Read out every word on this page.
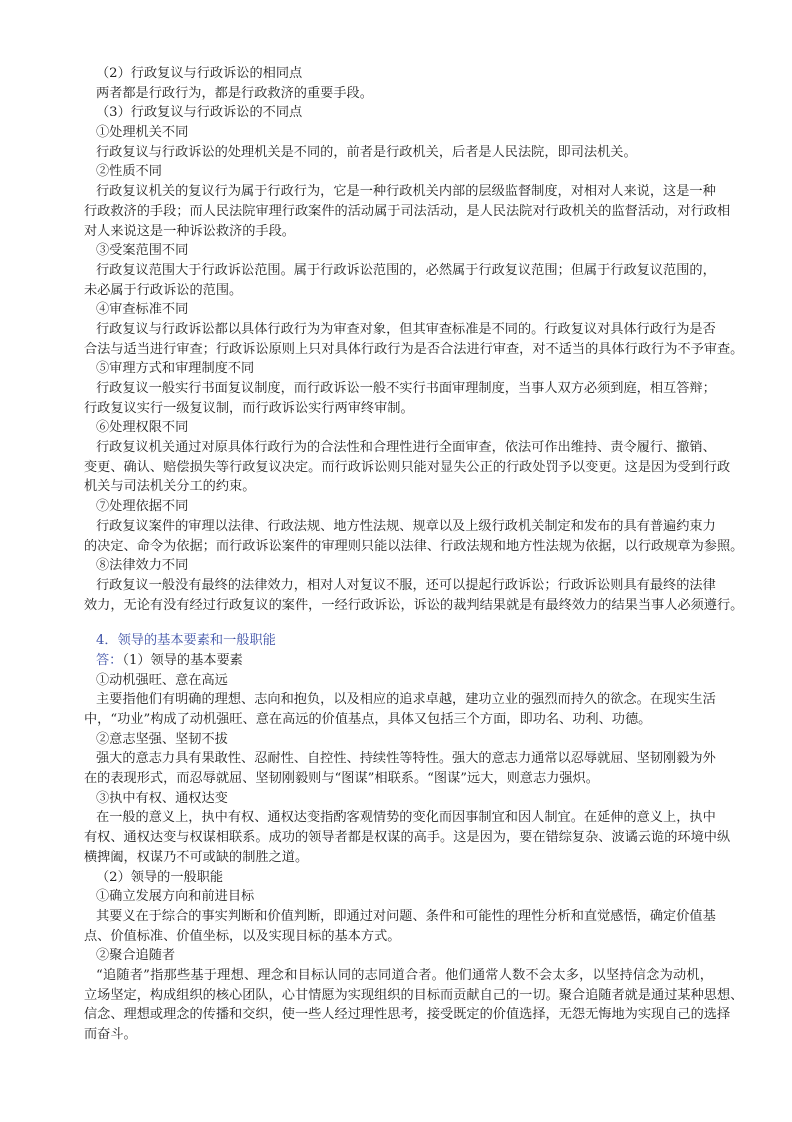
（2）行政复议与行政诉讼的相同点
两者都是行政行为，都是行政救济的重要手段。
（3）行政复议与行政诉讼的不同点
①处理机关不同
行政复议与行政诉讼的处理机关是不同的，前者是行政机关，后者是人民法院，即司法机关。
②性质不同
行政复议机关的复议行为属于行政行为，它是一种行政机关内部的层级监督制度，对相对人来说，这是一种
行政救济的手段；而人民法院审理行政案件的活动属于司法活动，是人民法院对行政机关的监督活动，对行政相
对人来说这是一种诉讼救济的手段。
③受案范围不同
行政复议范围大于行政诉讼范围。属于行政诉讼范围的，必然属于行政复议范围；但属于行政复议范围的，
未必属于行政诉讼的范围。
④审查标准不同
行政复议与行政诉讼都以具体行政行为为审查对象，但其审查标准是不同的。行政复议对具体行政行为是否
合法与适当进行审查；行政诉讼原则上只对具体行政行为是否合法进行审查，对不适当的具体行政行为不予审查。
⑤审理方式和审理制度不同
行政复议一般实行书面复议制度，而行政诉讼一般不实行书面审理制度，当事人双方必须到庭，相互答辩；
行政复议实行一级复议制，而行政诉讼实行两审终审制。
⑥处理权限不同
行政复议机关通过对原具体行政行为的合法性和合理性进行全面审查，依法可作出维持、责令履行、撤销、
变更、确认、赔偿损失等行政复议决定。而行政诉讼则只能对显失公正的行政处罚予以变更。这是因为受到行政
机关与司法机关分工的约束。
⑦处理依据不同
行政复议案件的审理以法律、行政法规、地方性法规、规章以及上级行政机关制定和发布的具有普遍约束力
的决定、命令为依据；而行政诉讼案件的审理则只能以法律、行政法规和地方性法规为依据，以行政规章为参照。
⑧法律效力不同
行政复议一般没有最终的法律效力，相对人对复议不服，还可以提起行政诉讼；行政诉讼则具有最终的法律
效力，无论有没有经过行政复议的案件，一经行政诉讼，诉讼的裁判结果就是有最终效力的结果当事人必须遵行。
4．领导的基本要素和一般职能
答：（1）领导的基本要素
①动机强旺、意在高远
主要指他们有明确的理想、志向和抱负，以及相应的追求卓越，建功立业的强烈而持久的欲念。在现实生活
中，“功业”构成了动机强旺、意在高远的价值基点，具体又包括三个方面，即功名、功利、功德。
②意志坚强、坚韧不拔
强大的意志力具有果敢性、忍耐性、自控性、持续性等特性。强大的意志力通常以忍辱就屈、坚韧刚毅为外
在的表现形式，而忍辱就屈、坚韧刚毅则与“图谋”相联系。“图谋”远大，则意志力强炽。
③执中有权、通权达变
在一般的意义上，执中有权、通权达变指酌客观情势的变化而因事制宜和因人制宜。在延伸的意义上，执中
有权、通权达变与权谋相联系。成功的领导者都是权谋的高手。这是因为，要在错综复杂、波谲云诡的环境中纵
横捭阖，权谋乃不可或缺的制胜之道。
（2）领导的一般职能
①确立发展方向和前进目标
其要义在于综合的事实判断和价值判断，即通过对问题、条件和可能性的理性分析和直觉感悟，确定价值基
点、价值标准、价值坐标，以及实现目标的基本方式。
②聚合追随者
“追随者”指那些基于理想、理念和目标认同的志同道合者。他们通常人数不会太多，以坚持信念为动机，
立场坚定，构成组织的核心团队，心甘情愿为实现组织的目标而贡献自己的一切。聚合追随者就是通过某种思想、
信念、理想或理念的传播和交织，使一些人经过理性思考，接受既定的价值选择，无怨无悔地为实现自己的选择
而奋斗。
